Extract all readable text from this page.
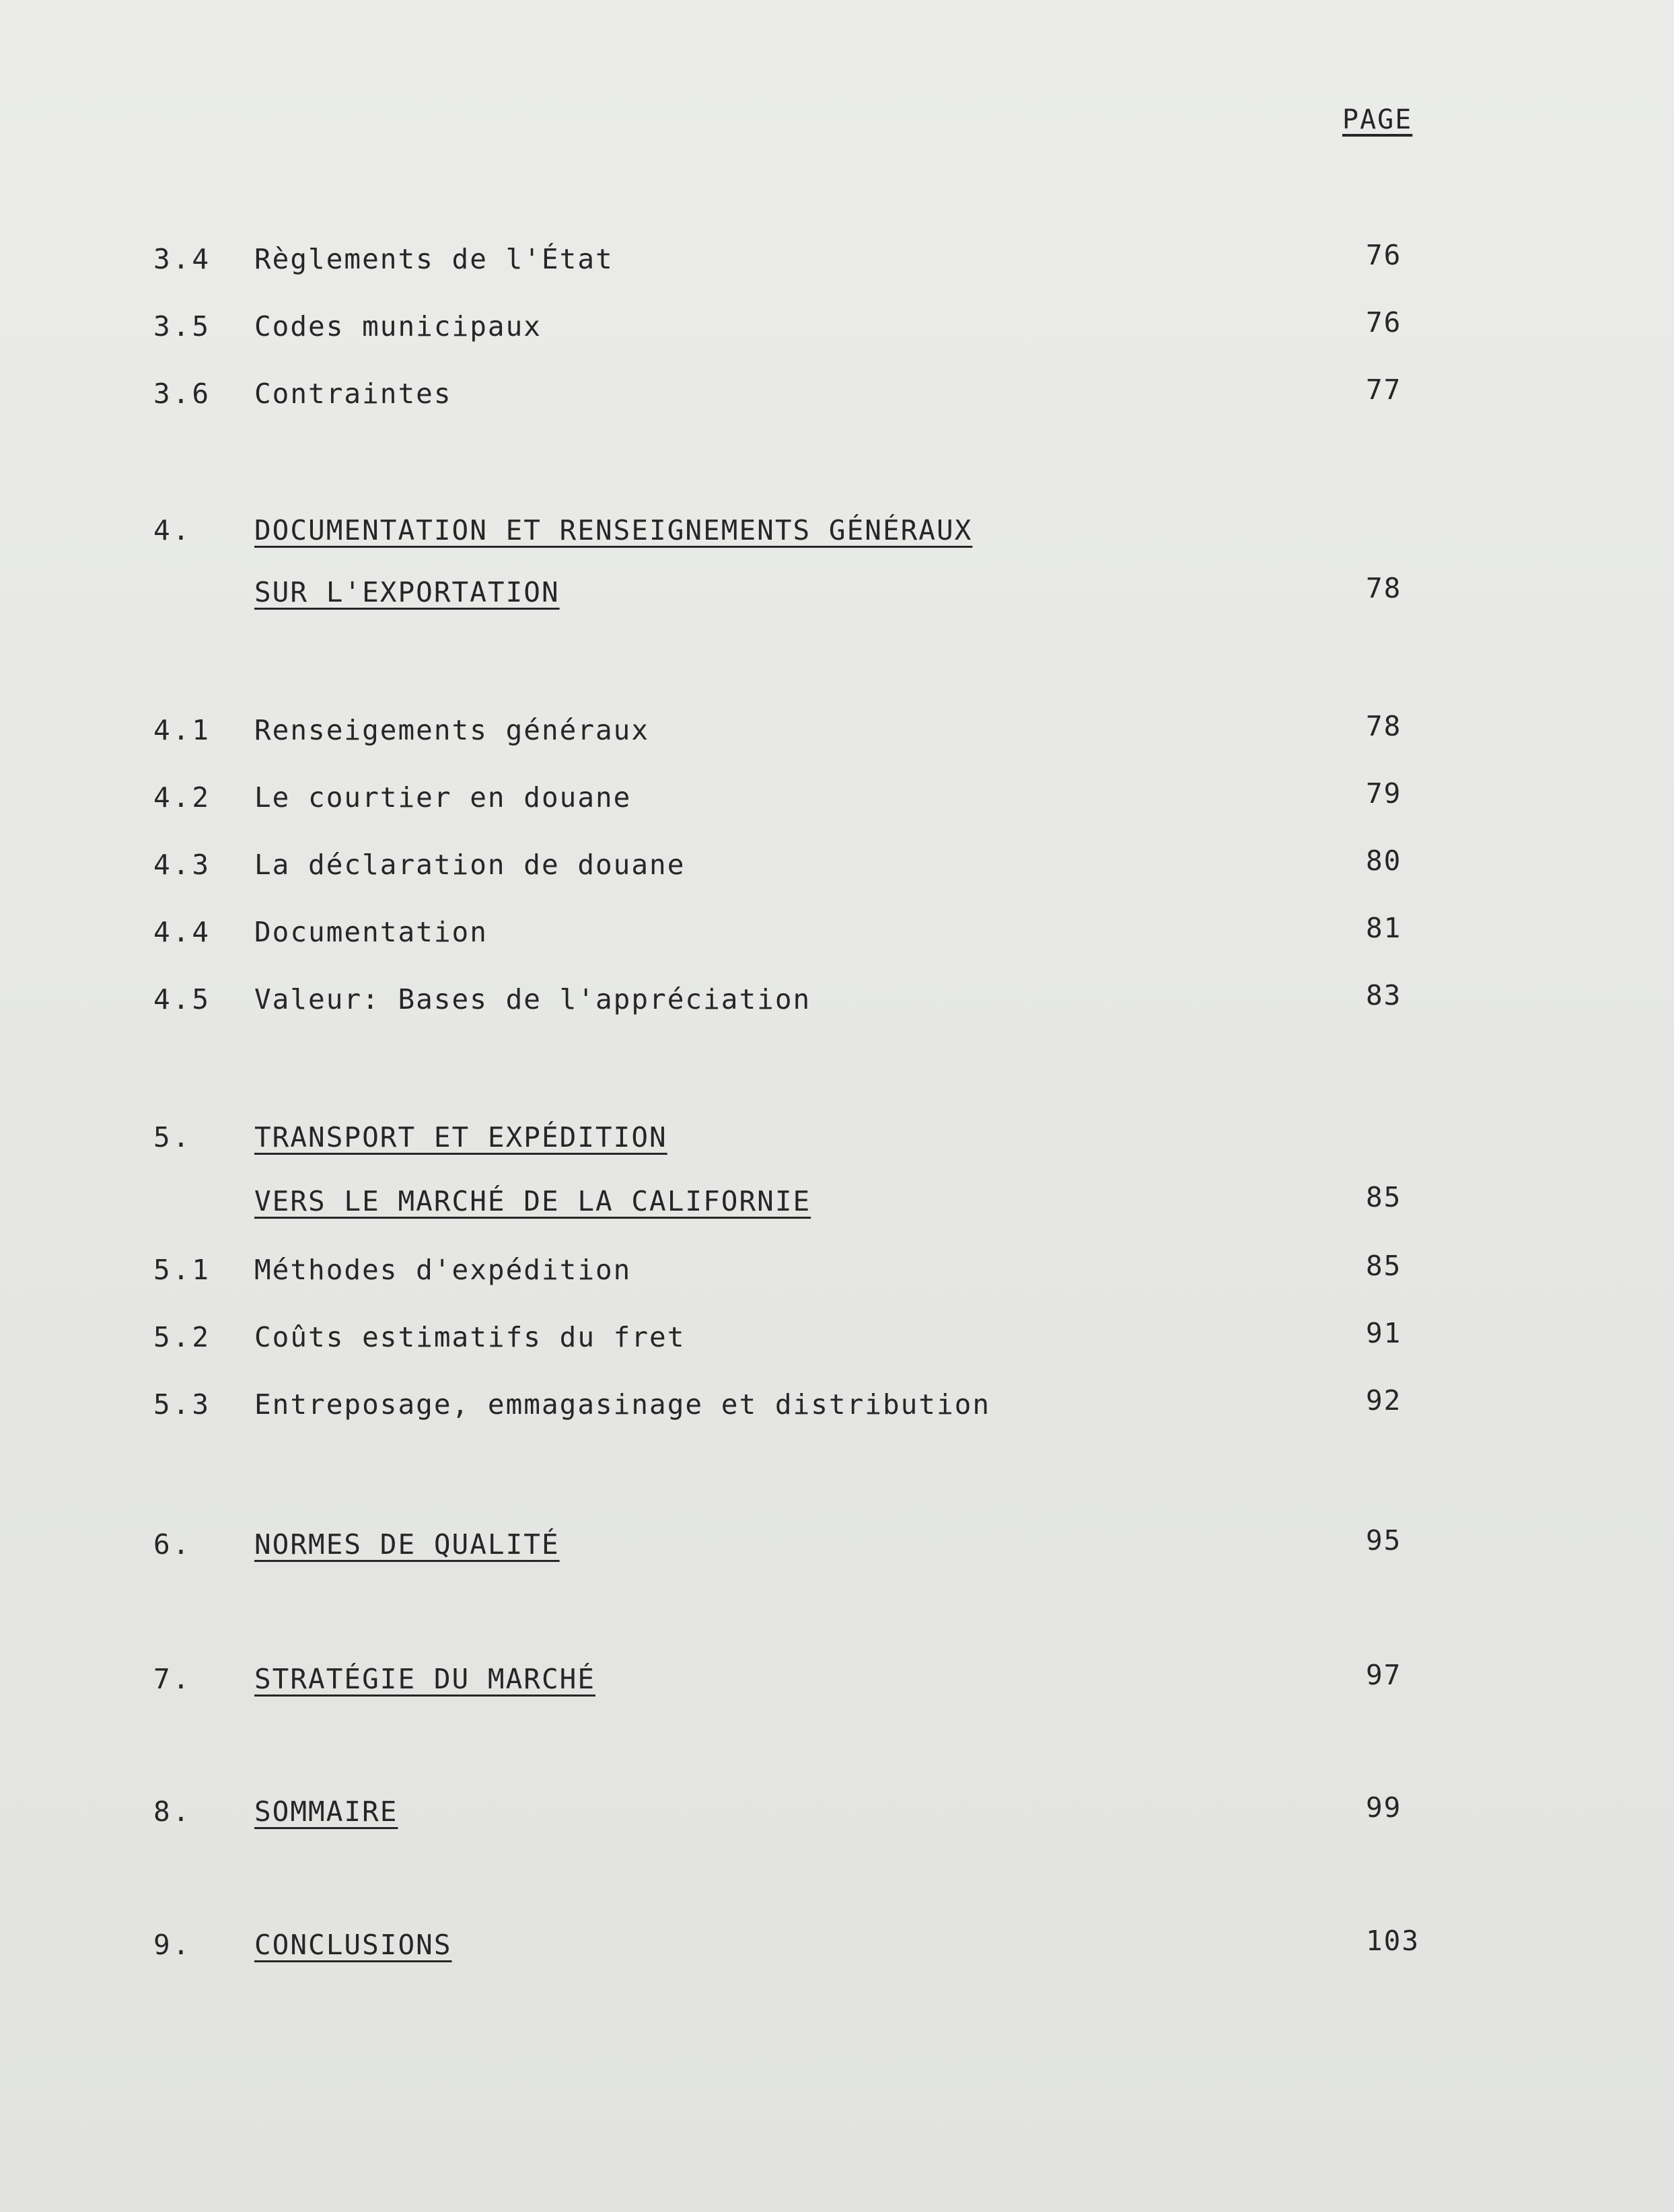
PAGE
3.4 Règlements de l'État	76
3.5 Codes municipaux	76
3.6 Contraintes	77
4. DOCUMENTATION ET RENSEIGNEMENTS GÉNÉRAUX
SUR L'EXPORTATION	78
4.1 Renseigements généraux	78
4.2 Le courtier en douane	79
4.3 La déclaration de douane	80
4.4 Documentation	81
4.5 Valeur: Bases de l'appréciation	83
5. TRANSPORT ET EXPÉDITION
VERS LE MARCHÉ DE LA CALIFORNIE	85
5.1 Méthodes d'expédition	85
5.2 Coûts estimatifs du fret	91
5.3 Entreposage, emmagasinage et distribution	92
6. NORMES DE QUALITÉ	95
7. STRATÉGIE DU MARCHÉ	97
8. SOMMAIRE	99
9. CONCLUSIONS	103
